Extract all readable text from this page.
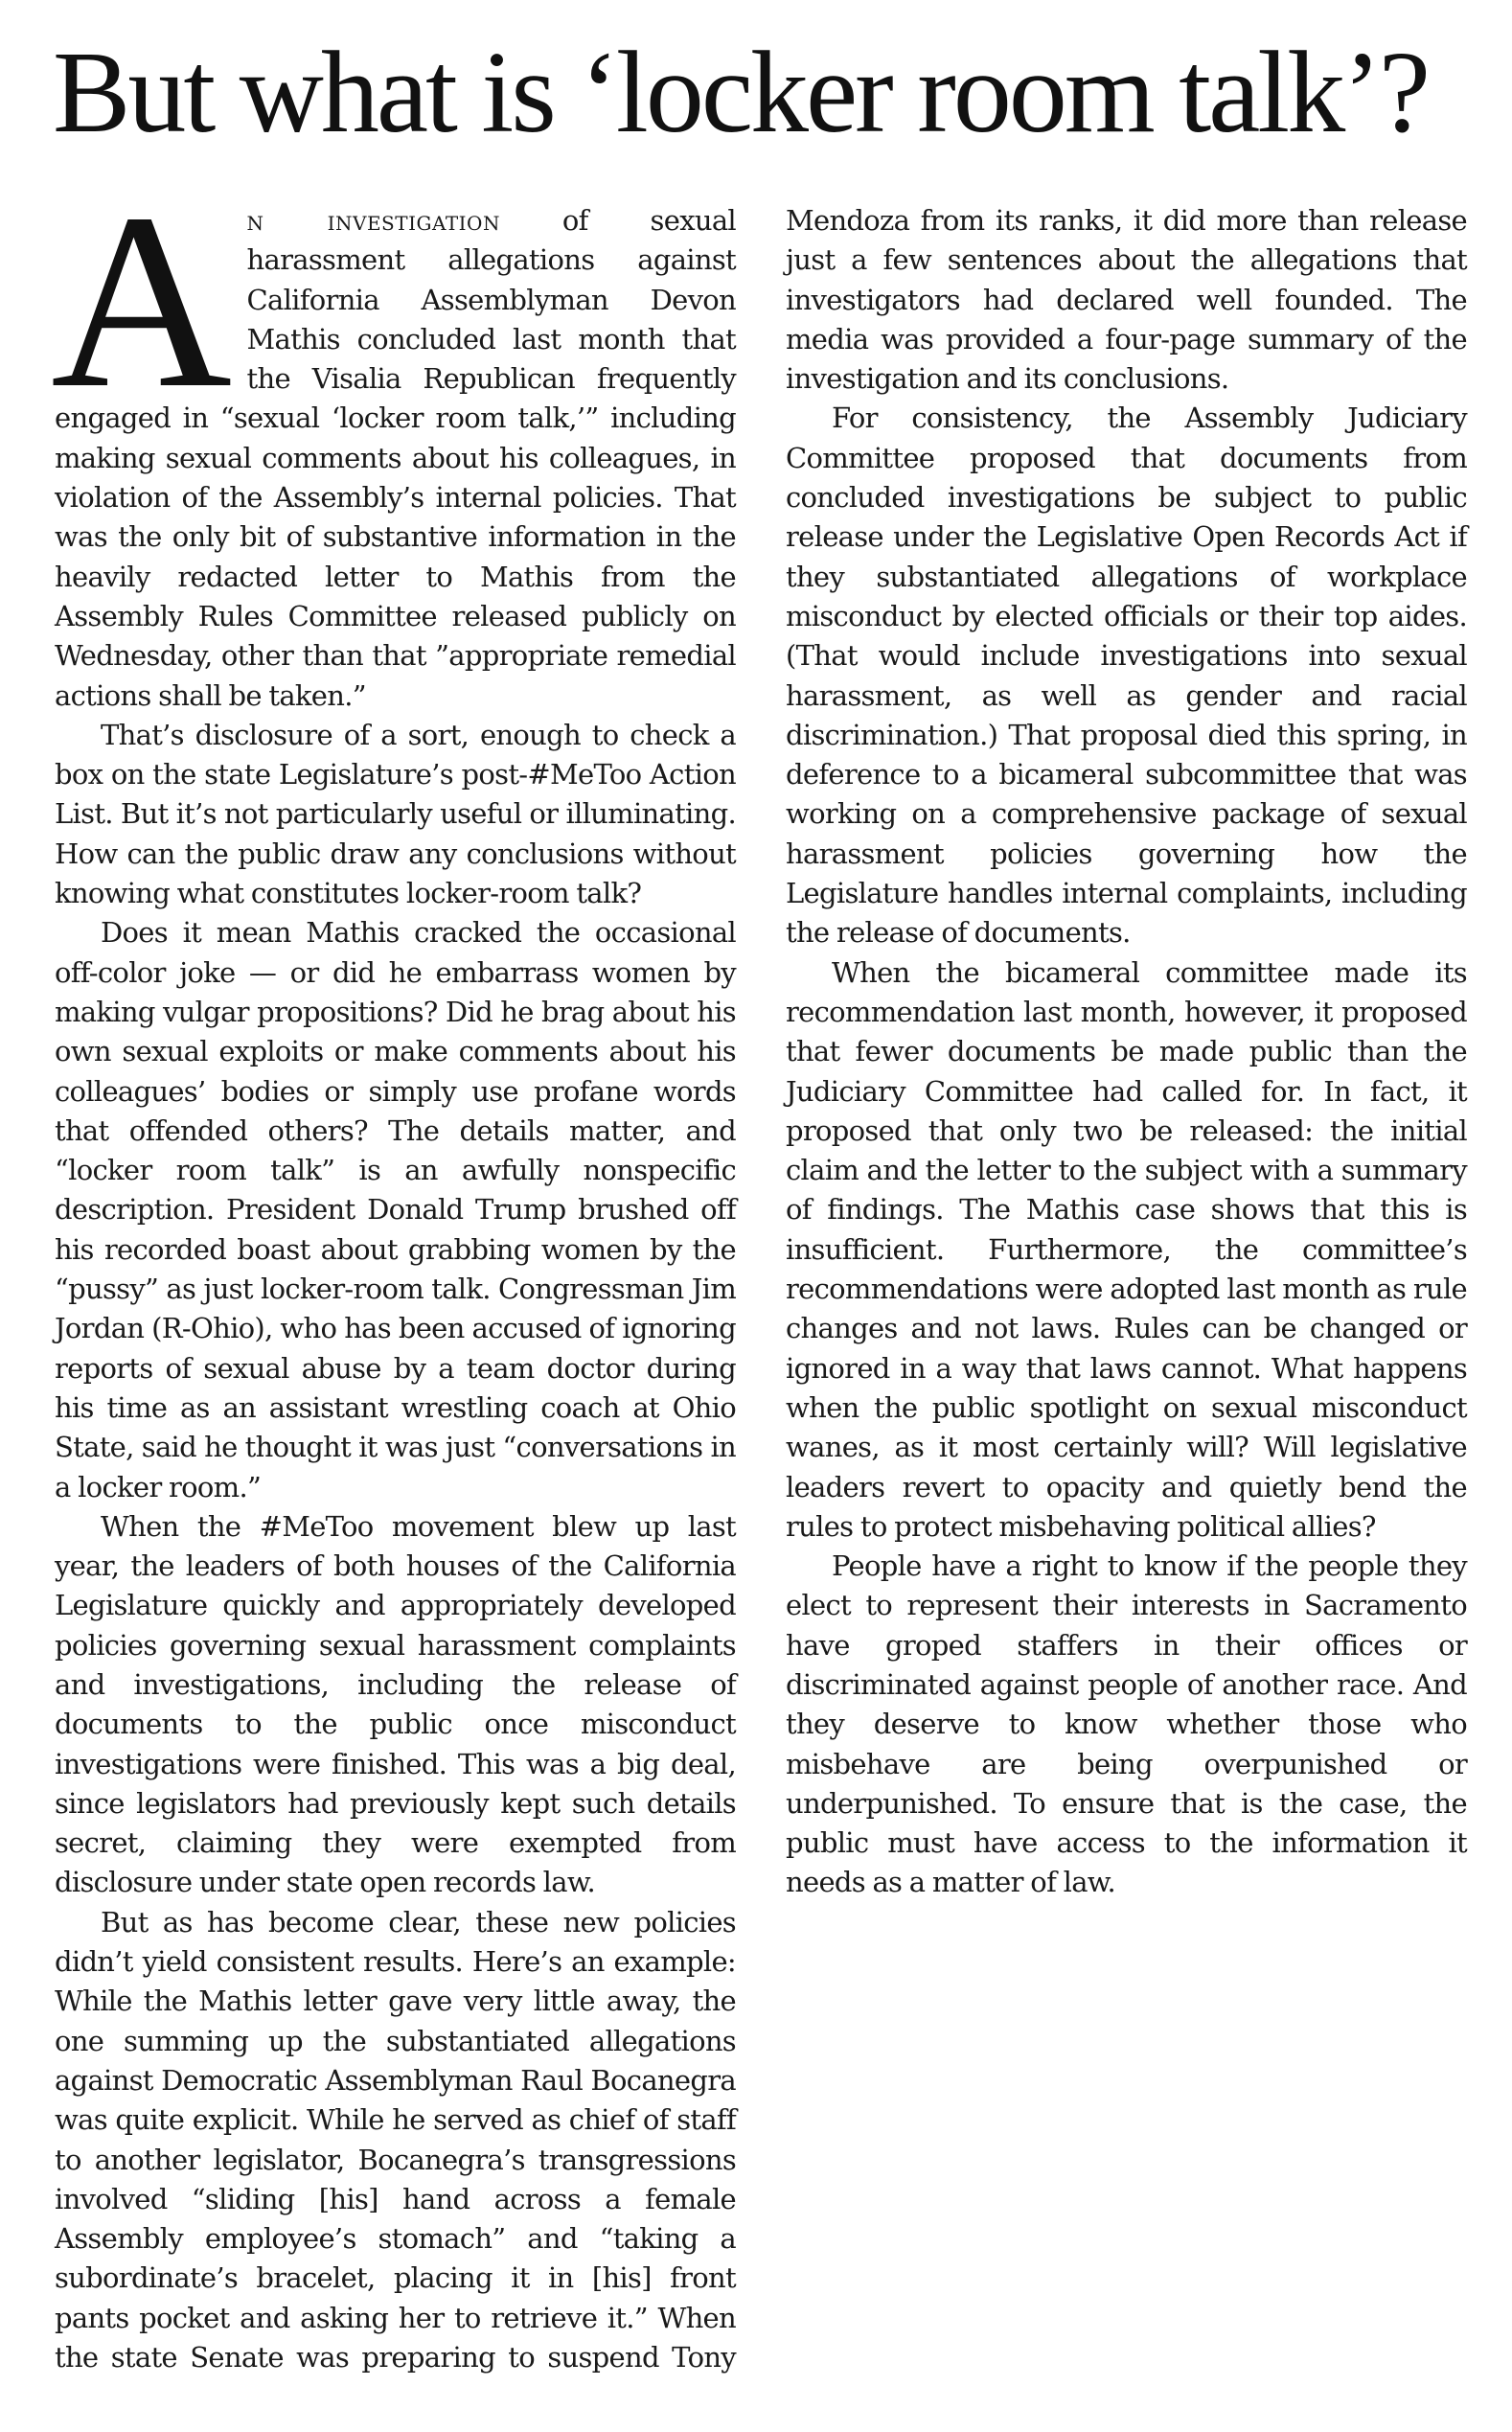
But what is ‘locker room talk’?

An investigation of sexual harassment allegations against California Assemblyman Devon Mathis concluded last month that the Visalia Republican frequently engaged in “sexual ‘locker room talk,’” including making sexual comments about his colleagues, in violation of the Assembly’s internal policies. That was the only bit of substantive information in the heavily redacted letter to Mathis from the Assembly Rules Committee released publicly on Wednesday, other than that ”appropriate remedial actions shall be taken.”

That’s disclosure of a sort, enough to check a box on the state Legislature’s post-#MeToo Action List. But it’s not particularly useful or illuminating. How can the public draw any conclusions without knowing what constitutes locker-room talk?

Does it mean Mathis cracked the occasional off-color joke — or did he embarrass women by making vulgar propositions? Did he brag about his own sexual exploits or make comments about his colleagues’ bodies or simply use profane words that offended others? The details matter, and “locker room talk” is an awfully nonspecific description. President Donald Trump brushed off his recorded boast about grabbing women by the “pussy” as just locker-room talk. Congressman Jim Jordan (R-Ohio), who has been accused of ignoring reports of sexual abuse by a team doctor during his time as an assistant wrestling coach at Ohio State, said he thought it was just “conversations in a locker room.”

When the #MeToo movement blew up last year, the leaders of both houses of the California Legislature quickly and appropriately developed policies governing sexual harassment complaints and investigations, including the release of documents to the public once misconduct investigations were finished. This was a big deal, since legislators had previously kept such details secret, claiming they were exempted from disclosure under state open records law.

But as has become clear, these new policies didn’t yield consistent results. Here’s an example: While the Mathis letter gave very little away, the one summing up the substantiated allegations against Democratic Assemblyman Raul Bocanegra was quite explicit. While he served as chief of staff to another legislator, Bocanegra’s transgressions involved “sliding [his] hand across a female Assembly employee’s stomach” and “taking a subordinate’s bracelet, placing it in [his] front pants pocket and asking her to retrieve it.” When the state Senate was preparing to suspend Tony Mendoza from its ranks, it did more than release just a few sentences about the allegations that investigators had declared well founded. The media was provided a four-page summary of the investigation and its conclusions.

For consistency, the Assembly Judiciary Committee proposed that documents from concluded investigations be subject to public release under the Legislative Open Records Act if they substantiated allegations of workplace misconduct by elected officials or their top aides. (That would include investigations into sexual harassment, as well as gender and racial discrimination.) That proposal died this spring, in deference to a bicameral subcommittee that was working on a comprehensive package of sexual harassment policies governing how the Legislature handles internal complaints, including the release of documents.

When the bicameral committee made its recommendation last month, however, it proposed that fewer documents be made public than the Judiciary Committee had called for. In fact, it proposed that only two be released: the initial claim and the letter to the subject with a summary of findings. The Mathis case shows that this is insufficient. Furthermore, the committee’s recommendations were adopted last month as rule changes and not laws. Rules can be changed or ignored in a way that laws cannot. What happens when the public spotlight on sexual misconduct wanes, as it most certainly will? Will legislative leaders revert to opacity and quietly bend the rules to protect misbehaving political allies?

People have a right to know if the people they elect to represent their interests in Sacramento have groped staffers in their offices or discriminated against people of another race. And they deserve to know whether those who misbehave are being overpunished or underpunished. To ensure that is the case, the public must have access to the information it needs as a matter of law.
